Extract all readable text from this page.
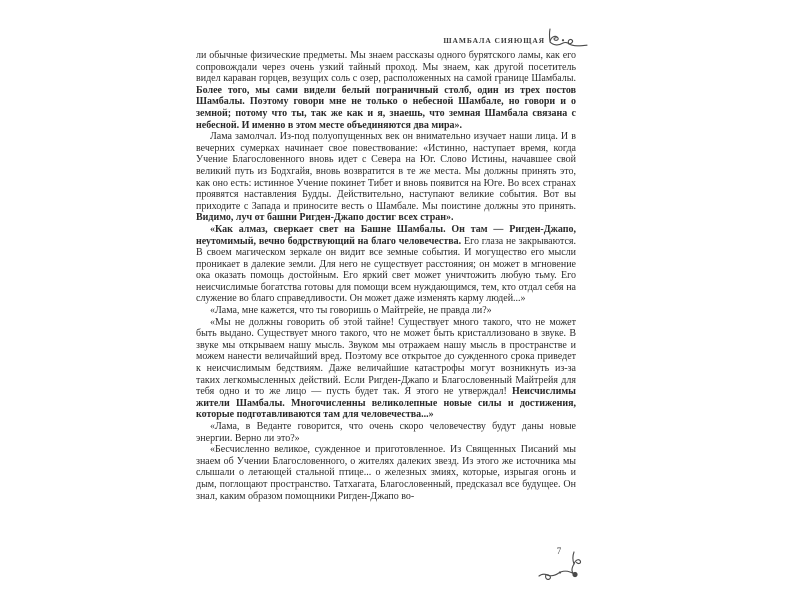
ШАМБАЛА СИЯЮЩАЯ

ли обычные физические предметы. Мы знаем рассказы одного бурятского ламы, как его сопровождали через очень узкий тайный проход. Мы знаем, как другой посетитель видел караван горцев, везущих соль с озер, расположенных на самой границе Шамбалы. Более того, мы сами видели белый пограничный столб, один из трех постов Шамбалы. Поэтому говори мне не только о небесной Шамбале, но говори и о земной; потому что ты, так же как и я, знаешь, что земная Шамбала связана с небесной. И именно в этом месте объединяются два мира».

Лама замолчал. Из-под полуопущенных век он внимательно изучает наши лица. И в вечерних сумерках начинает свое повествование: «Истинно, наступает время, когда Учение Благословенного вновь идет с Севера на Юг. Слово Истины, начавшее свой великий путь из Бодхгайя, вновь возвратится в те же места. Мы должны принять это, как оно есть: истинное Учение покинет Тибет и вновь появится на Юге. Во всех странах проявятся наставления Будды. Действительно, наступают великие события. Вот вы приходите с Запада и приносите весть о Шамбале. Мы поистине должны это принять. Видимо, луч от башни Ригден-Джапо достиг всех стран».

«Как алмаз, сверкает свет на Башне Шамбалы. Он там — Ригден-Джапо, неутомимый, вечно бодрствующий на благо человечества. Его глаза не закрываются. В своем магическом зеркале он видит все земные события. И могущество его мысли проникает в далекие земли. Для него не существует расстояния; он может в мгновение ока оказать помощь достойным. Его яркий свет может уничтожить любую тьму. Его неисчислимые богатства готовы для помощи всем нуждающимся, тем, кто отдал себя на служение во благо справедливости. Он может даже изменять карму людей...»

«Лама, мне кажется, что ты говоришь о Майтрейе, не правда ли?»

«Мы не должны говорить об этой тайне! Существует много такого, что не может быть выдано. Существует много такого, что не может быть кристаллизовано в звуке. В звуке мы открываем нашу мысль. Звуком мы отражаем нашу мысль в пространстве и можем нанести величайший вред. Поэтому все открытое до сужденного срока приведет к неисчислимым бедствиям. Даже величайшие катастрофы могут возникнуть из-за таких легкомысленных действий. Если Ригден-Джапо и Благословенный Майтрейя для тебя одно и то же лицо — пусть будет так. Я этого не утверждал! Неисчислимы жители Шамбалы. Многочисленны великолепные новые силы и достижения, которые подготавливаются там для человечества...»

«Лама, в Веданте говорится, что очень скоро человечеству будут даны новые энергии. Верно ли это?»

«Бесчисленно великое, сужденное и приготовленное. Из Священных Писаний мы знаем об Учении Благословенного, о жителях далеких звезд. Из этого же источника мы слышали о летающей стальной птице... о железных змиях, которые, изрыгая огонь и дым, поглощают пространство. Татхагата, Благословенный, предсказал все будущее. Он знал, каким образом помощники Ригден-Джапо во-

7
